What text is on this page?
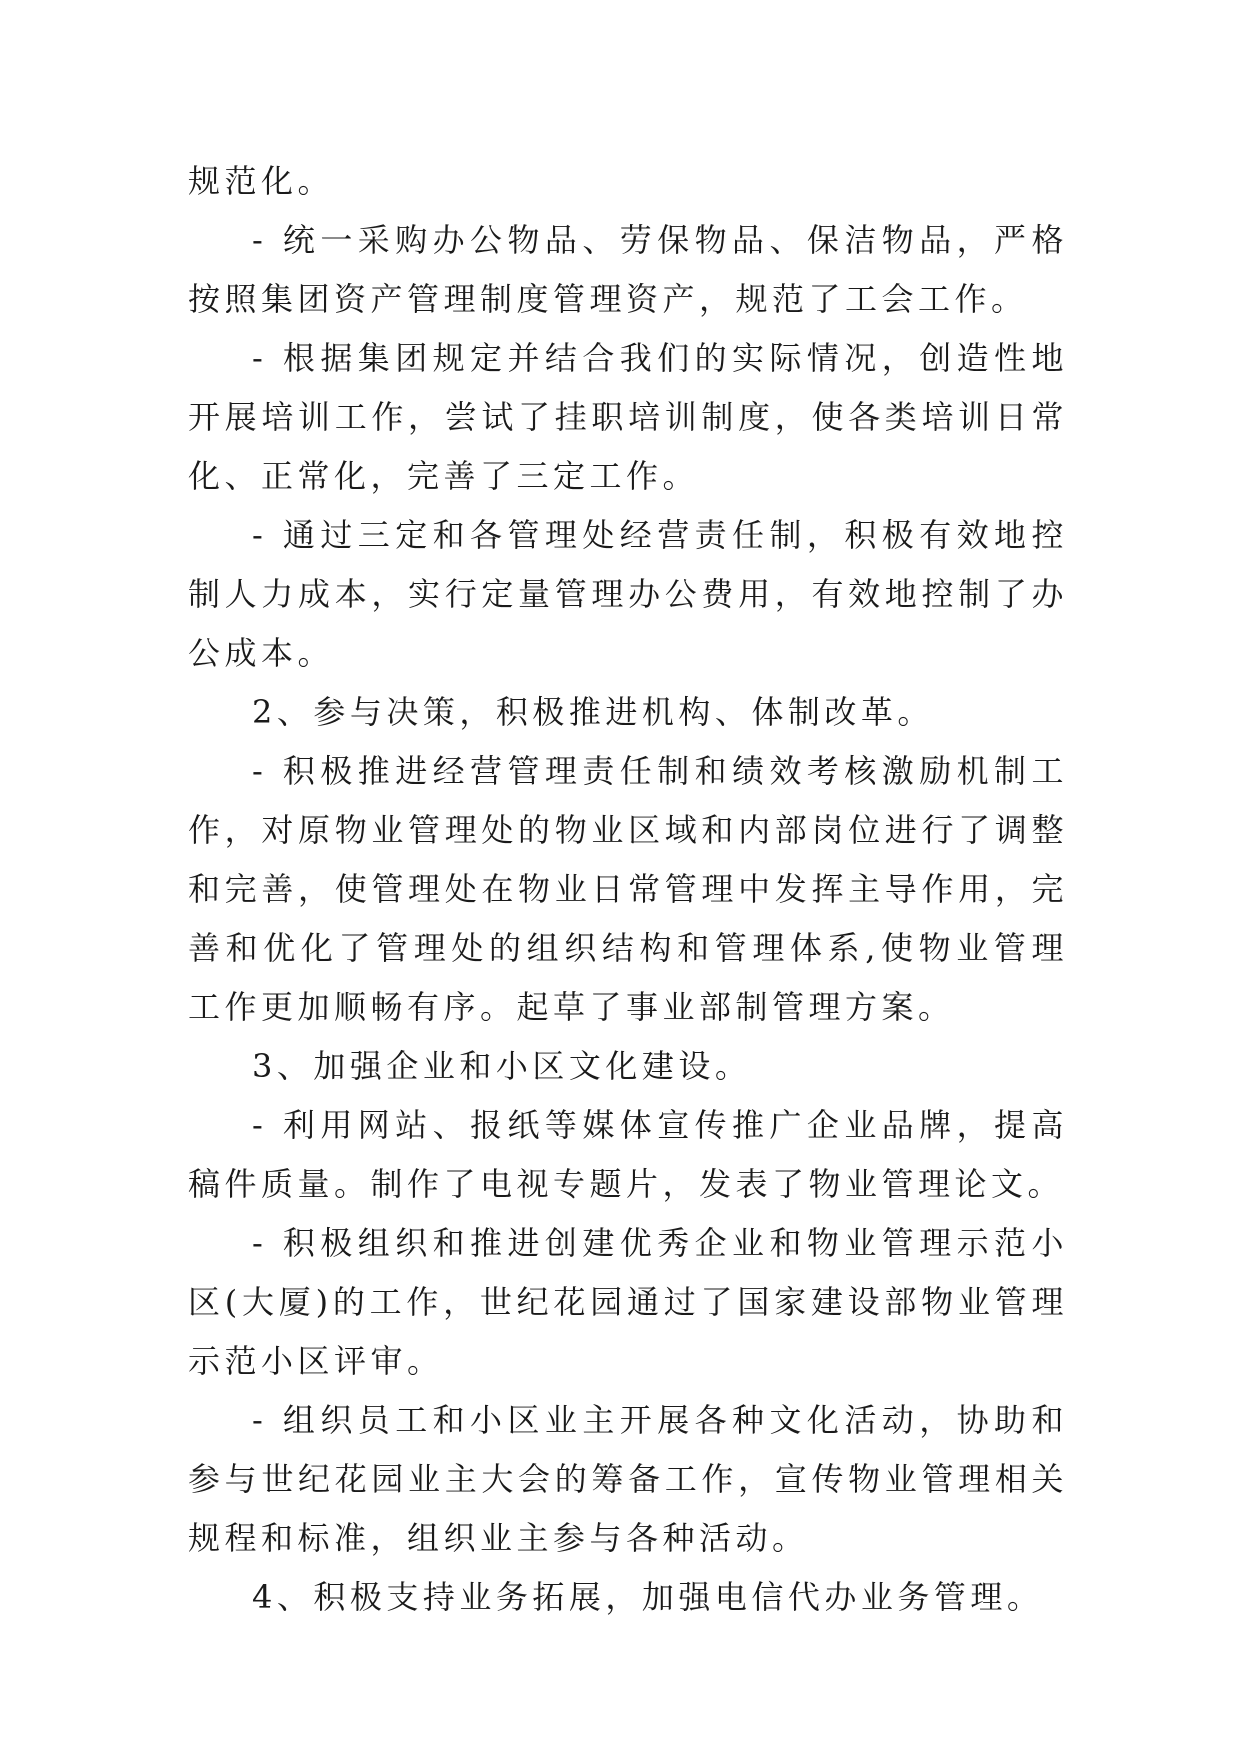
规范化。

- 统一采购办公物品、劳保物品、保洁物品，严格按照集团资产管理制度管理资产，规范了工会工作。

- 根据集团规定并结合我们的实际情况，创造性地开展培训工作，尝试了挂职培训制度，使各类培训日常化、正常化，完善了三定工作。

- 通过三定和各管理处经营责任制，积极有效地控制人力成本，实行定量管理办公费用，有效地控制了办公成本。

2、参与决策，积极推进机构、体制改革。

- 积极推进经营管理责任制和绩效考核激励机制工作，对原物业管理处的物业区域和内部岗位进行了调整和完善，使管理处在物业日常管理中发挥主导作用，完善和优化了管理处的组织结构和管理体系,使物业管理工作更加顺畅有序。起草了事业部制管理方案。

3、加强企业和小区文化建设。

- 利用网站、报纸等媒体宣传推广企业品牌，提高稿件质量。制作了电视专题片，发表了物业管理论文。

- 积极组织和推进创建优秀企业和物业管理示范小区(大厦)的工作，世纪花园通过了国家建设部物业管理示范小区评审。

- 组织员工和小区业主开展各种文化活动，协助和参与世纪花园业主大会的筹备工作，宣传物业管理相关规程和标准，组织业主参与各种活动。

4、积极支持业务拓展，加强电信代办业务管理。
